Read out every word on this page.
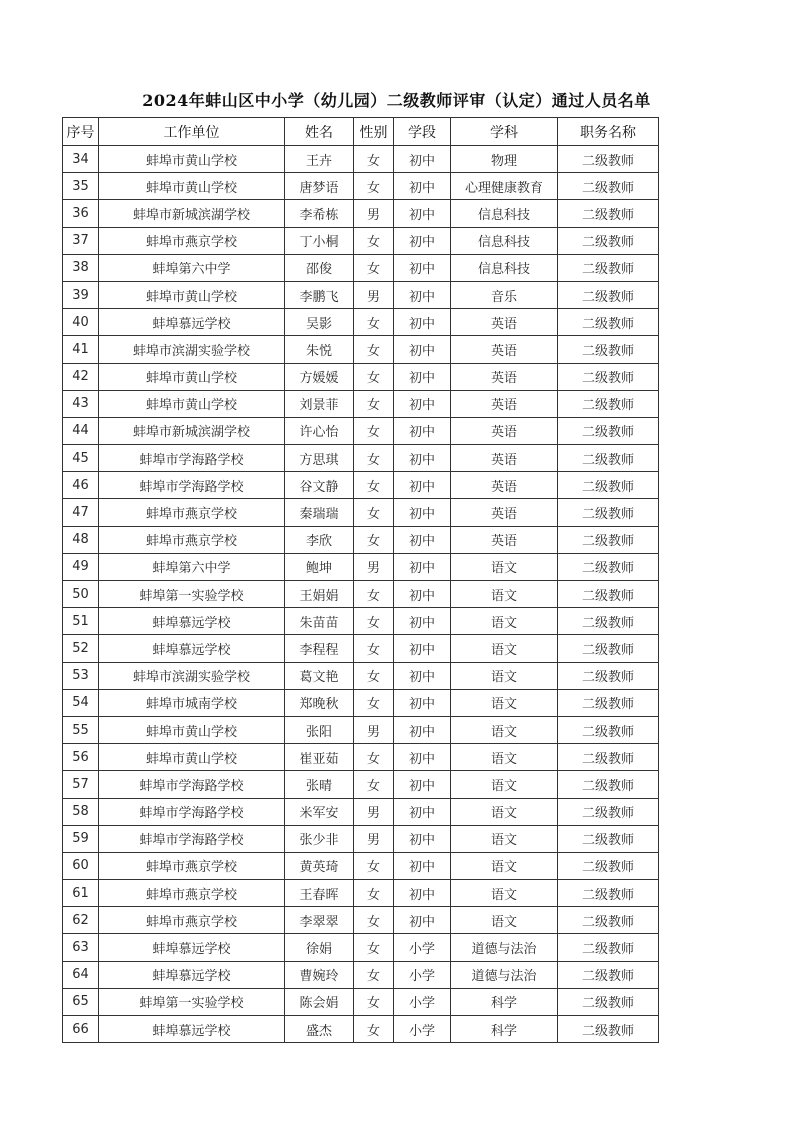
2024年蚌山区中小学（幼儿园）二级教师评审（认定）通过人员名单
序号	工作单位	姓名	性别	学段	学科	职务名称
34	蚌埠市黄山学校	王卉	女	初中	物理	二级教师
35	蚌埠市黄山学校	唐梦语	女	初中	心理健康教育	二级教师
36	蚌埠市新城滨湖学校	李希栋	男	初中	信息科技	二级教师
37	蚌埠市燕京学校	丁小桐	女	初中	信息科技	二级教师
38	蚌埠第六中学	邵俊	女	初中	信息科技	二级教师
39	蚌埠市黄山学校	李鹏飞	男	初中	音乐	二级教师
40	蚌埠慕远学校	吴影	女	初中	英语	二级教师
41	蚌埠市滨湖实验学校	朱悦	女	初中	英语	二级教师
42	蚌埠市黄山学校	方媛媛	女	初中	英语	二级教师
43	蚌埠市黄山学校	刘景菲	女	初中	英语	二级教师
44	蚌埠市新城滨湖学校	许心怡	女	初中	英语	二级教师
45	蚌埠市学海路学校	方思琪	女	初中	英语	二级教师
46	蚌埠市学海路学校	谷文静	女	初中	英语	二级教师
47	蚌埠市燕京学校	秦瑞瑞	女	初中	英语	二级教师
48	蚌埠市燕京学校	李欣	女	初中	英语	二级教师
49	蚌埠第六中学	鲍坤	男	初中	语文	二级教师
50	蚌埠第一实验学校	王娟娟	女	初中	语文	二级教师
51	蚌埠慕远学校	朱苗苗	女	初中	语文	二级教师
52	蚌埠慕远学校	李程程	女	初中	语文	二级教师
53	蚌埠市滨湖实验学校	葛文艳	女	初中	语文	二级教师
54	蚌埠市城南学校	郑晚秋	女	初中	语文	二级教师
55	蚌埠市黄山学校	张阳	男	初中	语文	二级教师
56	蚌埠市黄山学校	崔亚茹	女	初中	语文	二级教师
57	蚌埠市学海路学校	张晴	女	初中	语文	二级教师
58	蚌埠市学海路学校	米军安	男	初中	语文	二级教师
59	蚌埠市学海路学校	张少非	男	初中	语文	二级教师
60	蚌埠市燕京学校	黄英琦	女	初中	语文	二级教师
61	蚌埠市燕京学校	王春晖	女	初中	语文	二级教师
62	蚌埠市燕京学校	李翠翠	女	初中	语文	二级教师
63	蚌埠慕远学校	徐娟	女	小学	道德与法治	二级教师
64	蚌埠慕远学校	曹婉玲	女	小学	道德与法治	二级教师
65	蚌埠第一实验学校	陈会娟	女	小学	科学	二级教师
66	蚌埠慕远学校	盛杰	女	小学	科学	二级教师
